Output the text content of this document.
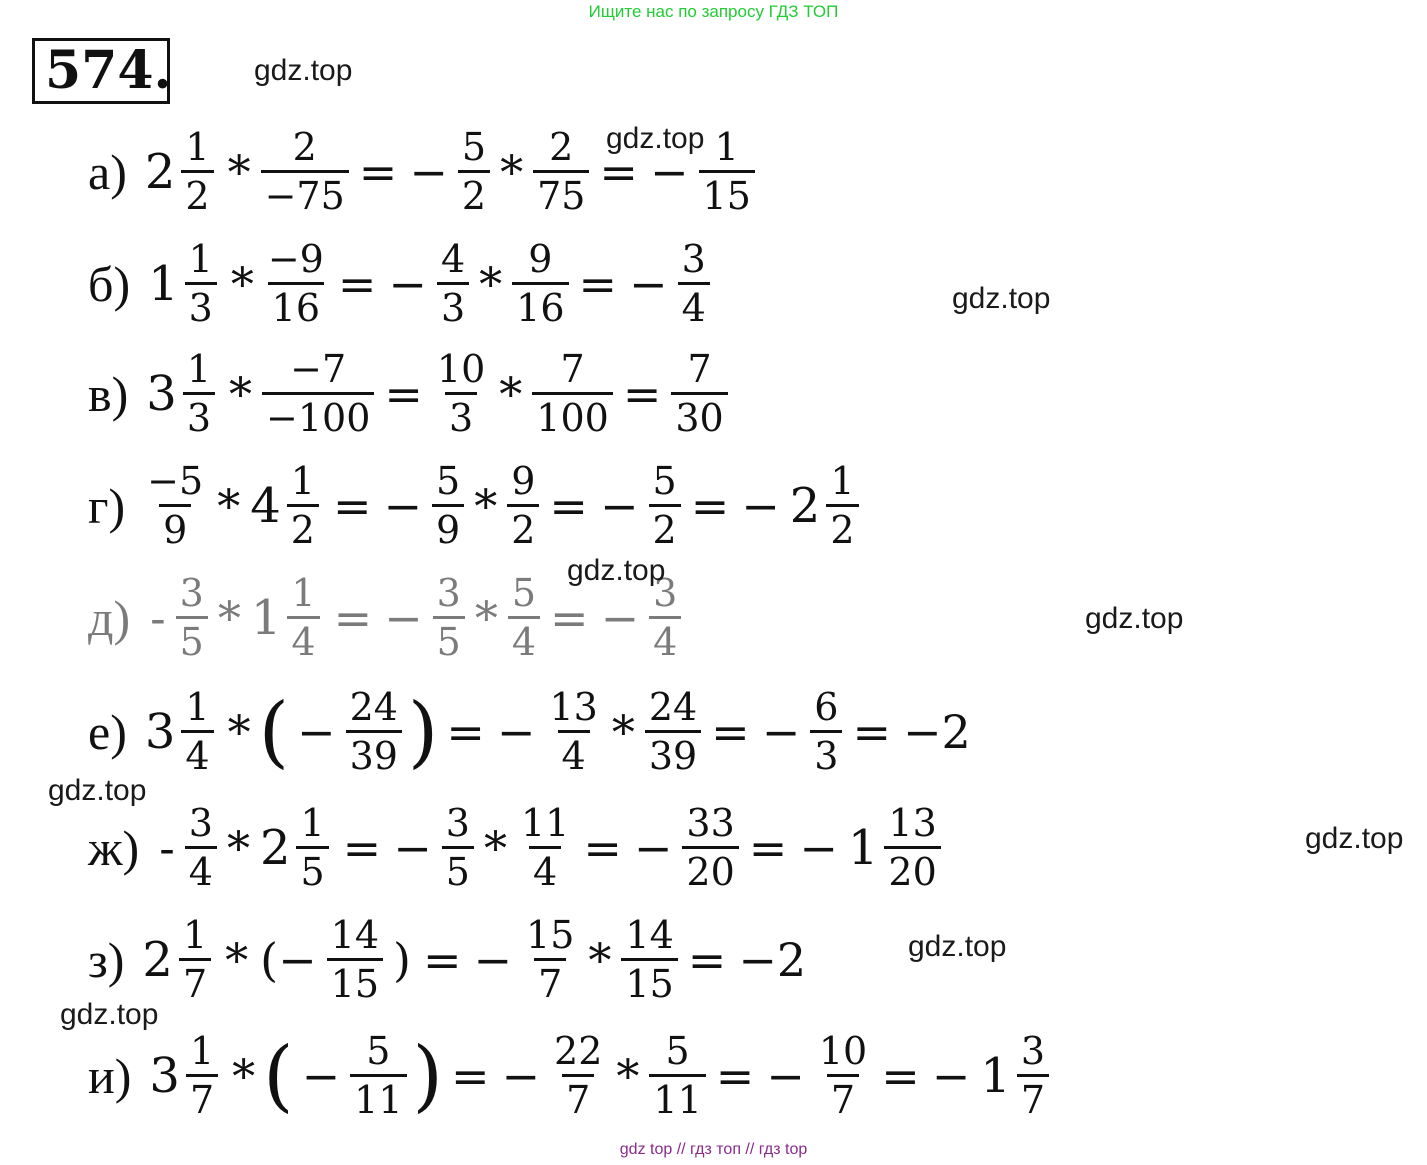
Ищите нас по запросу ГДЗ ТОП
574.	gdz.top
gdz.top
gdz.top
gdz.top
gdz.top
gdz.top
gdz.top
gdz.top
gdz.top
а) $2 \frac{1}{2} * \frac{2}{-75}$ = − $\frac{5}{2} * \frac{2}{75}$ = − $\frac{1}{15}$
б) $1 \frac{1}{3} * \frac{-9}{16}$ = − $\frac{4}{3} * \frac{9}{16}$ = − $\frac{3}{4}$
в) $3 \frac{1}{3} * \frac{-7}{-100} = \frac{10}{3} * \frac{7}{100} = \frac{7}{30}$
$г) \frac{-5}{9} * 4 \frac{1}{2}$ = − $\frac{5}{9} * \frac{9}{2}$ = − $\frac{5}{2}$ = − $2 \frac{1}{2}$
$д) - \frac{3}{5} * 1 \frac{1}{4}$ = − $\frac{3}{5} * \frac{5}{4}$ = − $\frac{3}{4}$
е) $3 \frac{1}{4}$ * ( − $\frac{24}{39}$ ) = − $\frac{13}{4} * \frac{24}{39}$ = − $\frac{6}{3} = -2$
$ж) - \frac{3}{4} * 2 \frac{1}{5}$ = − $\frac{3}{5} * \frac{11}{4}$ = − $\frac{33}{20}$ = − $1 \frac{13}{20}$
з) $2 \frac{1}{7}$ * (− $\frac{14}{15}$ ) = − $\frac{15}{7} * \frac{14}{15} = -2$
и) $3 \frac{1}{7}$ * ( − $\frac{5}{11}$ ) = − $\frac{22}{7} * \frac{5}{11}$ = − $\frac{10}{7}$ = − $1 \frac{3}{7}$
gdz top // гдз топ // гдз top
